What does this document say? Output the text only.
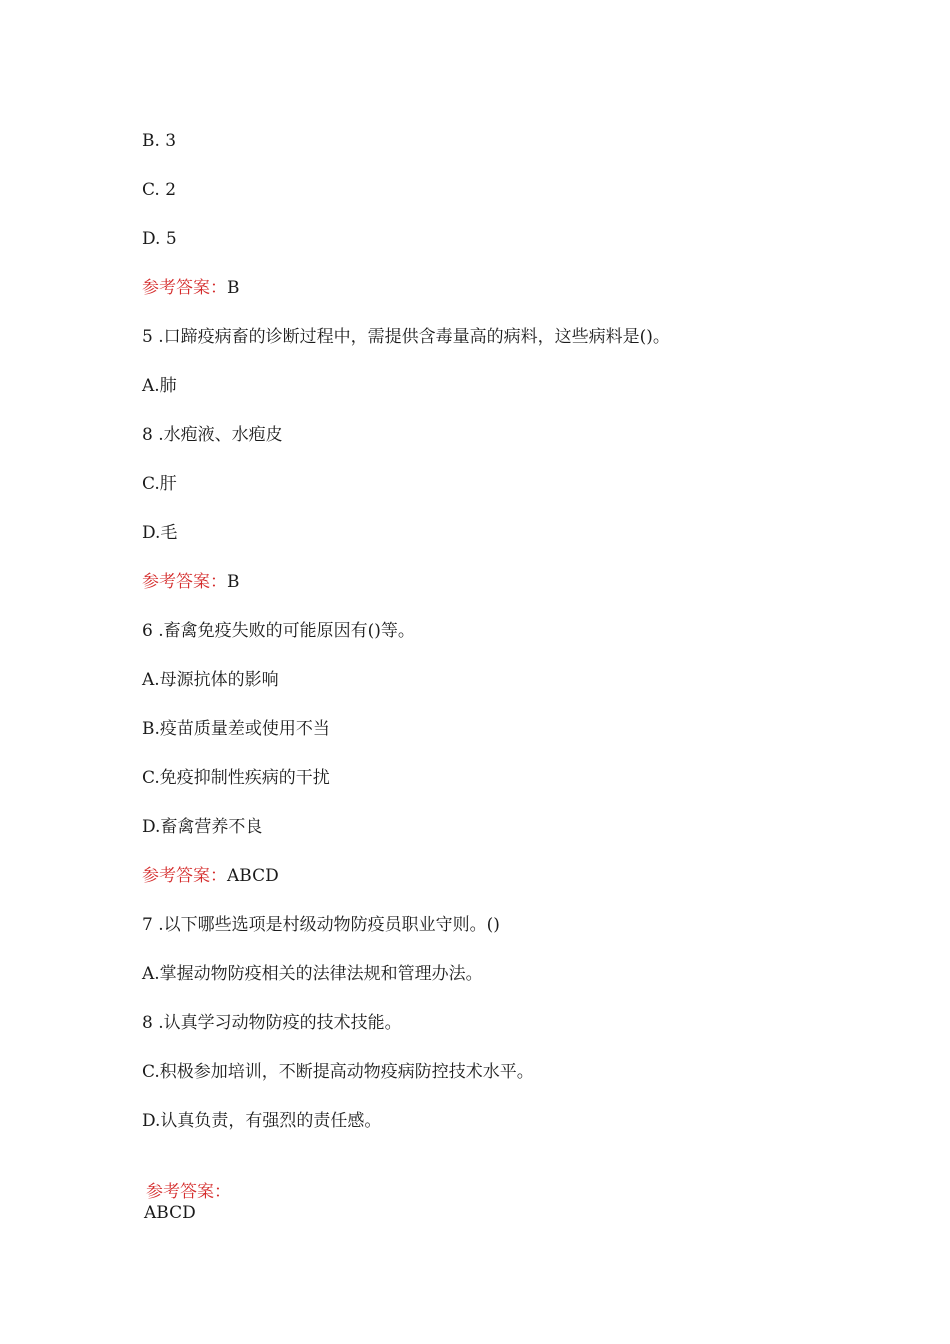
B. 3
C. 2
D. 5
参考答案：B
5 .口蹄疫病畜的诊断过程中，需提供含毒量高的病料，这些病料是()。
A.肺
8 .水疱液、水疱皮
C.肝
D.毛
参考答案：B
6 .畜禽免疫失败的可能原因有()等。
A.母源抗体的影响
B.疫苗质量差或使用不当
C.免疫抑制性疾病的干扰
D.畜禽营养不良
参考答案：ABCD
7 .以下哪些选项是村级动物防疫员职业守则。()
A.掌握动物防疫相关的法律法规和管理办法。
8 .认真学习动物防疫的技术技能。
C.积极参加培训，不断提高动物疫病防控技术水平。
D.认真负责，有强烈的责任感。
参考答案：
ABCD
